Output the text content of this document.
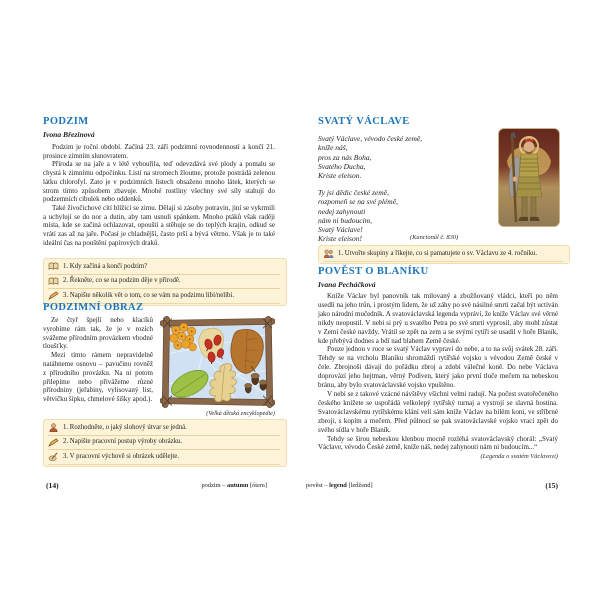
PODZIM
Ivona Březinová

Podzim je roční období. Začíná 23. září podzimní rovnodenností a končí 21. prosince zimním slunovratem.

Příroda se na jaře a v létě vybouřila, teď odevzdává své plody a pomalu se chystá k zimnímu odpočinku. Listí na stromech žloutne, protože postrádá zelenou látku chlorofyl. Zato je v podzimních listech obsaženo mnoho látek, kterých se strom tímto způsobem zbavuje. Mnohé rostliny všechny své síly stahují do podzemních cibulek nebo oddenků.

Také živočichové cítí blížící se zimu. Dělají si zásoby potravin, jiní se vykrmili a uchylují se do nor a dutin, aby tam usnuli spánkem. Mnoho ptáků však raději místa, kde se začíná ochlazovat, opouští a stěhuje se do teplých krajin, odkud se vrátí zas až na jaře. Počasí je chladnější, často prší a bývá větrno. Však je to také ideální čas na pouštění papírových draků.

1. Kdy začíná a končí podzim?
2. Řekněte, co se na podzim děje v přírodě.
3. Napište několik vět o tom, co se vám na podzimu líbí/nelíbí.
PODZIMNÍ OBRAZ

Ze čtyř špejlí nebo klacíků vyrobíme rám tak, že je v rozích svážeme přírodním provázkem vhodné tloušťky.

Mezi tímto rámem nepravidelně natáhneme osnovu – pavučinu rovněž z přírodního provázku. Na ni potom přilepíme nebo přivážeme různé přírodniny (jeřabiny, vylisovaný list, větvičku šípku, chmelové šišky apod.).

(Velká dětská encyklopedie)
1. Rozhodněte, o jaký slohový útvar se jedná.
2. Napište pracovní postup výroby obrázku.
3. V pracovní výchově si obrázek udělejte.
(14)	podzim – autumn [ótem]
SVATÝ VÁCLAVE
Svatý Václave, vévodo české země,
kníže náš,
pros za nás Boha,
Svatého Ducha,
Kriste eleison.
Ty jsi dědic české země,
rozpomeň se na své plémě,
nedej zahynouti
nám ni budoucím,
Svatý Václave!
Kriste eleison!	(Kancionál č. 830)
1. Utvořte skupiny a říkejte, co si pamatujete o sv. Václavu ze 4. ročníku.
POVĚST O BLANÍKU
Ivana Pecháčková

Kníže Václav byl panovník tak milovaný a zbožňovaný vládci, kteří po něm usedli na jeho trůn, i prostým lidem, že už záhy po své násilné smrti začal být uctíván jako národní mučedník. A svatováclavská legenda vypráví, že kníže Václav své věrné nikdy neopustil. V nebi si prý u svatého Petra po své smrti vyprosil, aby mohl zůstat v Zemi české navždy. Vrátil se zpět na zem a se svými rytíři se usadil v hoře Blaník, kde přebývá dodnes a bdí nad blahem Země české.

Pouze jednou v roce se svatý Václav vypraví do nebe, a to na svůj svátek 28. září. Tehdy se na vrcholu Blaníku shromáždí rytířské vojsko s vévodou Země české v čele. Zbrojnoši dávají do pořádku zbroj a zdobí válečné koně. Do nebe Václava doprovází jeho hejtman, věrný Podiven, který jako první tluče mečem na nebeskou bránu, aby bylo svatováclavské vojsko vpuštěno.

V nebi se z takové vzácné návštěvy všichni velmi radují. Na počest svatořečeného českého knížete se uspořádá velkolepý rytířský turnaj a vystrojí se slavná hostina. Svatováclavskému rytířskému klání velí sám kníže Václav na bílém koni, ve stříbrné zbroji, s kopím a mečem. Před půlnocí se pak svatováclavské vojsko vrací zpět do svého sídla v hoře Blaník.

Tehdy se širou nebeskou klenbou mocně rozléhá svatováclavský chorál: „Svatý Václave, vévodo České země, kníže náš, nedej zahynouti nám ni budoucím...“

(Legenda o svatém Václavovi)
pověst – legend [ledžend]	(15)
